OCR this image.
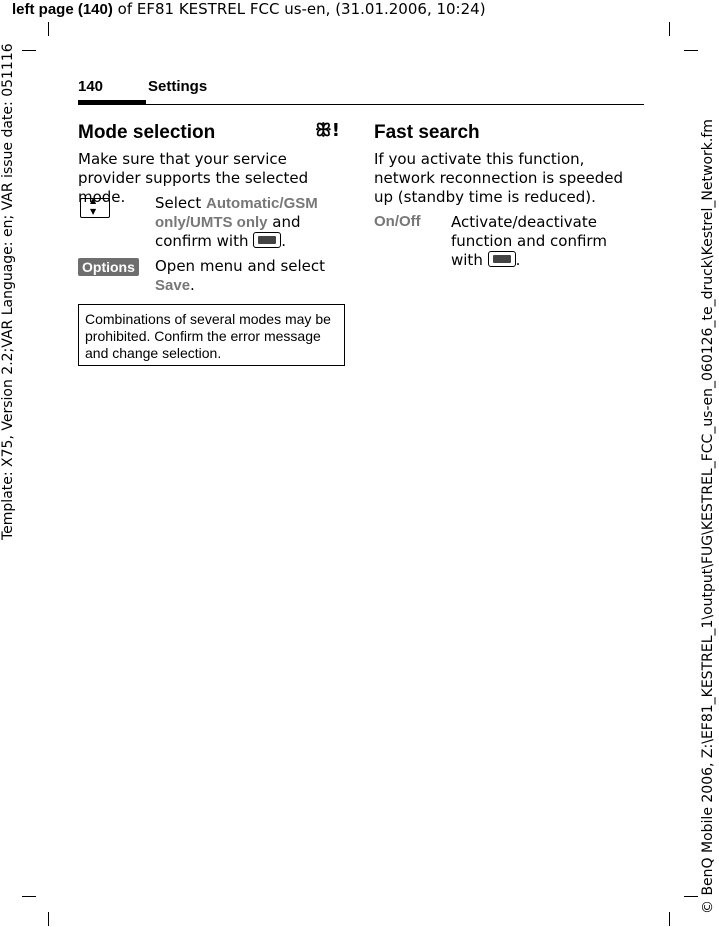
left page (140) of EF81 KESTREL FCC us-en, (31.01.2006, 10:24)
Template: X75, Version 2.2;VAR Language: en; VAR issue date: 051116	© BenQ Mobile 2006, Z:\EF81_KESTREL_1\output\FUG\KESTREL_FCC_us-en_060126_te_druck\Kestrel_Network.fm
140	Settings
Mode selection	ꕥ!

Make sure that your service provider supports the selected mode.

▲ ▼	Select Automatic/GSM only/UMTS only and confirm with .

Options Open menu and select Save.

Combinations of several modes may be prohibited. Confirm the error message and change selection.
Fast search

If you activate this function, network reconnection is speeded up (standby time is reduced).

On/Off Activate/deactivate function and confirm with .
